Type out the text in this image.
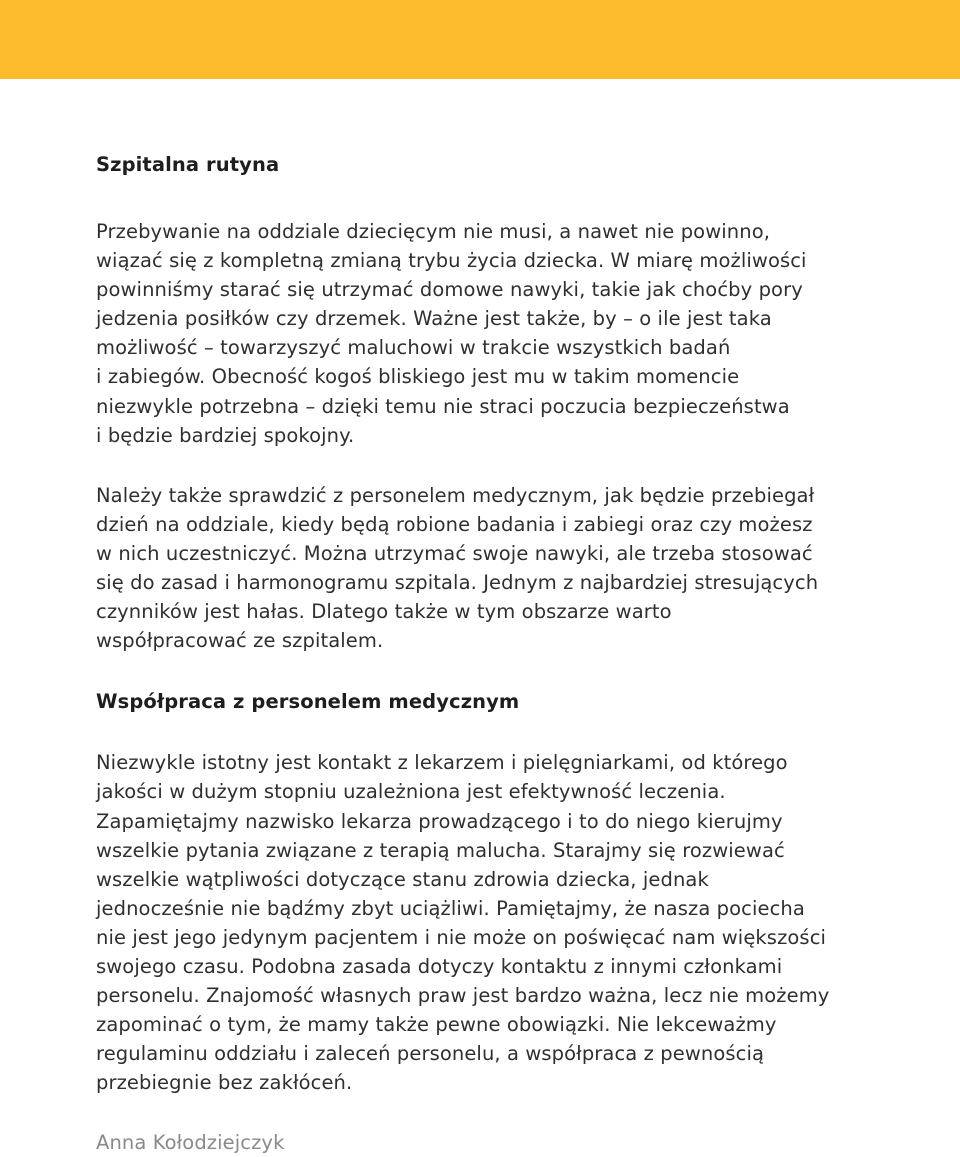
Szpitalna rutyna

Przebywanie na oddziale dziecięcym nie musi, a nawet nie powinno,
wiązać się z kompletną zmianą trybu życia dziecka. W miarę możliwości
powinniśmy starać się utrzymać domowe nawyki, takie jak choćby pory
jedzenia posiłków czy drzemek. Ważne jest także, by – o ile jest taka
możliwość – towarzyszyć maluchowi w trakcie wszystkich badań
i zabiegów. Obecność kogoś bliskiego jest mu w takim momencie
niezwykle potrzebna – dzięki temu nie straci poczucia bezpieczeństwa
i będzie bardziej spokojny.

Należy także sprawdzić z personelem medycznym, jak będzie przebiegał
dzień na oddziale, kiedy będą robione badania i zabiegi oraz czy możesz
w nich uczestniczyć. Można utrzymać swoje nawyki, ale trzeba stosować
się do zasad i harmonogramu szpitala. Jednym z najbardziej stresujących
czynników jest hałas. Dlatego także w tym obszarze warto
współpracować ze szpitalem.

Współpraca z personelem medycznym

Niezwykle istotny jest kontakt z lekarzem i pielęgniarkami, od którego
jakości w dużym stopniu uzależniona jest efektywność leczenia.
Zapamiętajmy nazwisko lekarza prowadzącego i to do niego kierujmy
wszelkie pytania związane z terapią malucha. Starajmy się rozwiewać
wszelkie wątpliwości dotyczące stanu zdrowia dziecka, jednak
jednocześnie nie bądźmy zbyt uciążliwi. Pamiętajmy, że nasza pociecha
nie jest jego jedynym pacjentem i nie może on poświęcać nam większości
swojego czasu. Podobna zasada dotyczy kontaktu z innymi członkami
personelu. Znajomość własnych praw jest bardzo ważna, lecz nie możemy
zapominać o tym, że mamy także pewne obowiązki. Nie lekceważmy
regulaminu oddziału i zaleceń personelu, a współpraca z pewnością
przebiegnie bez zakłóceń.

Anna Kołodziejczyk
